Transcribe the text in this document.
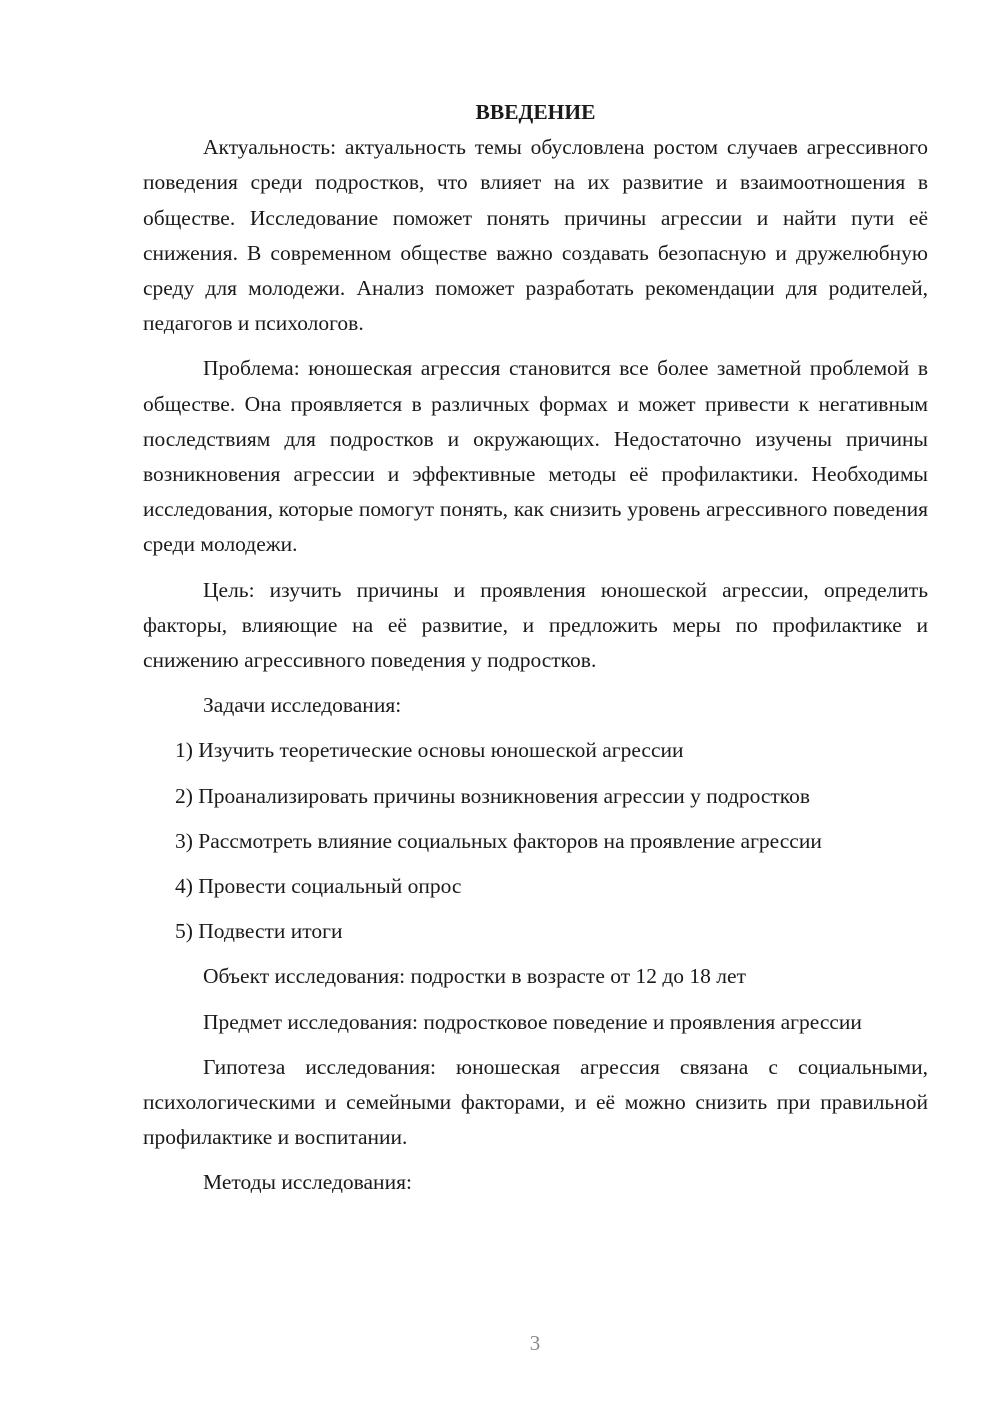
ВВЕДЕНИЕ

Актуальность: актуальность темы обусловлена ростом случаев агрессивного поведения среди подростков, что влияет на их развитие и взаимоотношения в обществе. Исследование поможет понять причины агрессии и найти пути её снижения. В современном обществе важно создавать безопасную и дружелюбную среду для молодежи. Анализ поможет разработать рекомендации для родителей, педагогов и психологов.

Проблема: юношеская агрессия становится все более заметной проблемой в обществе. Она проявляется в различных формах и может привести к негативным последствиям для подростков и окружающих. Недостаточно изучены причины возникновения агрессии и эффективные методы её профилактики. Необходимы исследования, которые помогут понять, как снизить уровень агрессивного поведения среди молодежи.

Цель: изучить причины и проявления юношеской агрессии, определить факторы, влияющие на её развитие, и предложить меры по профилактике и снижению агрессивного поведения у подростков.

Задачи исследования:

1) Изучить теоретические основы юношеской агрессии
2) Проанализировать причины возникновения агрессии у подростков
3) Рассмотреть влияние социальных факторов на проявление агрессии
4) Провести социальный опрос
5) Подвести итоги

Объект исследования: подростки в возрасте от 12 до 18 лет

Предмет исследования: подростковое поведение и проявления агрессии

Гипотеза исследования: юношеская агрессия связана с социальными, психологическими и семейными факторами, и её можно снизить при правильной профилактике и воспитании.

Методы исследования:

3
